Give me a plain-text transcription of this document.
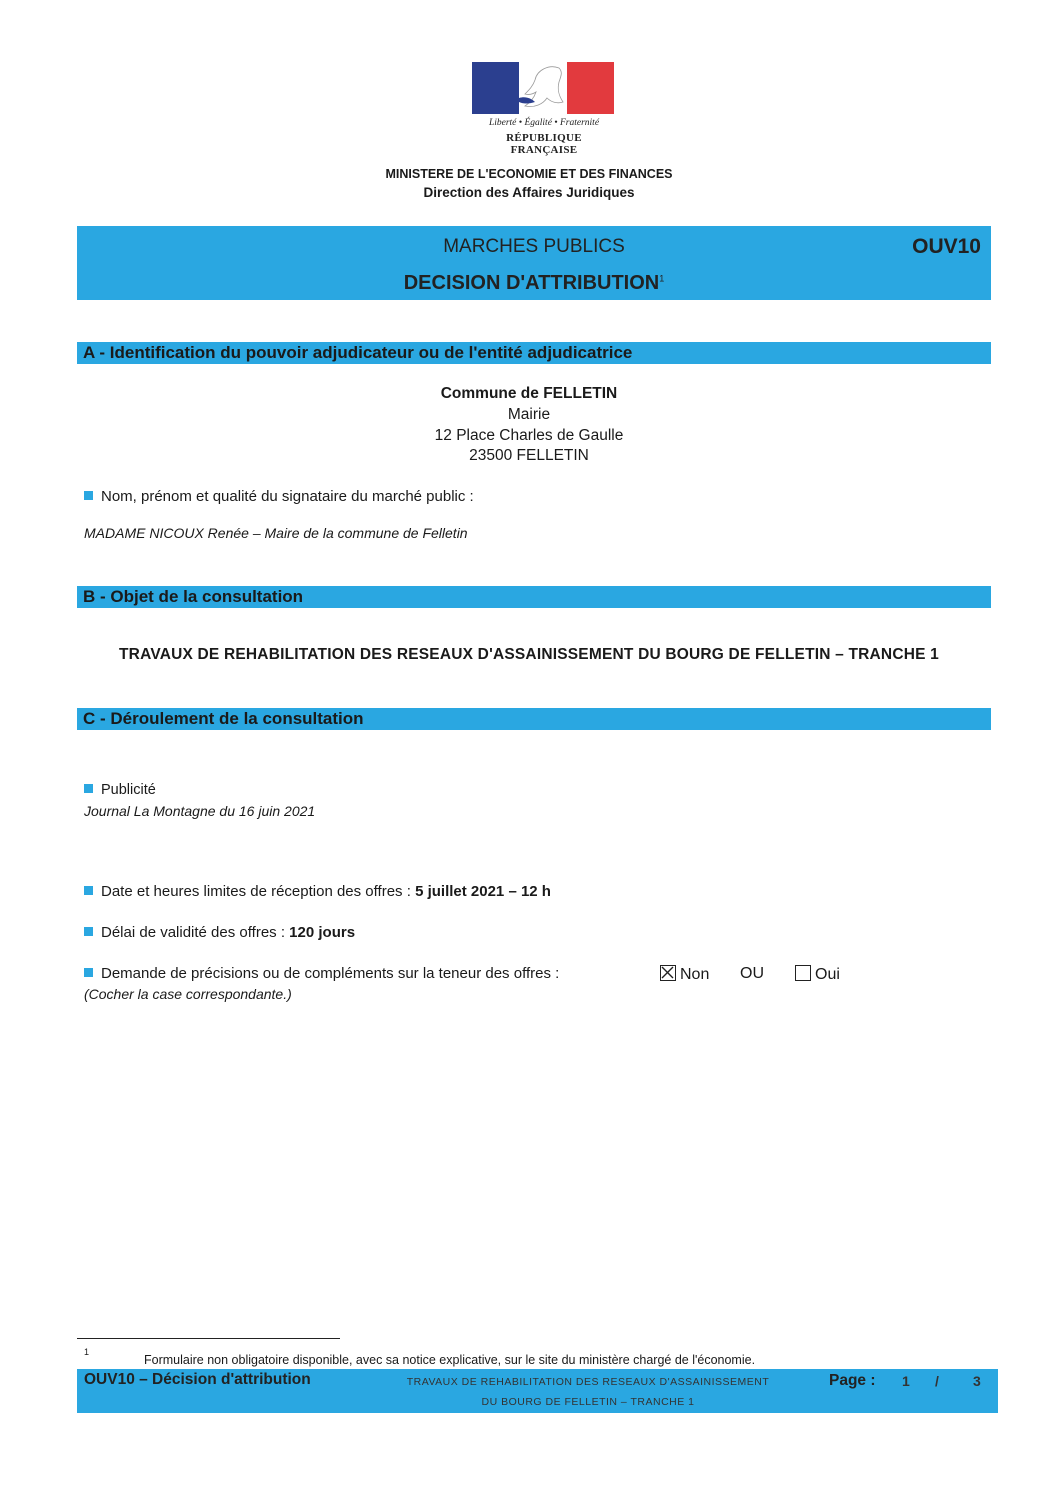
Liberté • Égalité • Fraternité
RÉPUBLIQUE FRANÇAISE
MINISTERE DE L'ECONOMIE ET DES FINANCES
Direction des Affaires Juridiques
MARCHES PUBLICS
DECISION D'ATTRIBUTION$^1$
OUV10
A - Identification du pouvoir adjudicateur ou de l'entité adjudicatrice
Commune de FELLETIN
Mairie
12 Place Charles de Gaulle
23500 FELLETIN
Nom, prénom et qualité du signataire du marché public :
MADAME NICOUX Renée – Maire de la commune de Felletin
B - Objet de la consultation
TRAVAUX DE REHABILITATION DES RESEAUX D'ASSAINISSEMENT DU BOURG DE FELLETIN – TRANCHE 1
C - Déroulement de la consultation
Publicité
Journal La Montagne du 16 juin 2021
Date et heures limites de réception des offres : 5 juillet 2021 – 12 h
Délai de validité des offres : 120 jours
Demande de précisions ou de compléments sur la teneur des offres :
(Cocher la case correspondante.)
Non OU	Oui
1
Formulaire non obligatoire disponible, avec sa notice explicative, sur le site du ministère chargé de l'économie.
OUV10 – Décision d'attribution	TRAVAUX DE REHABILITATION DES RESEAUX D'ASSAINISSEMENT
DU BOURG DE FELLETIN – TRANCHE 1
Page : 1 / 3
